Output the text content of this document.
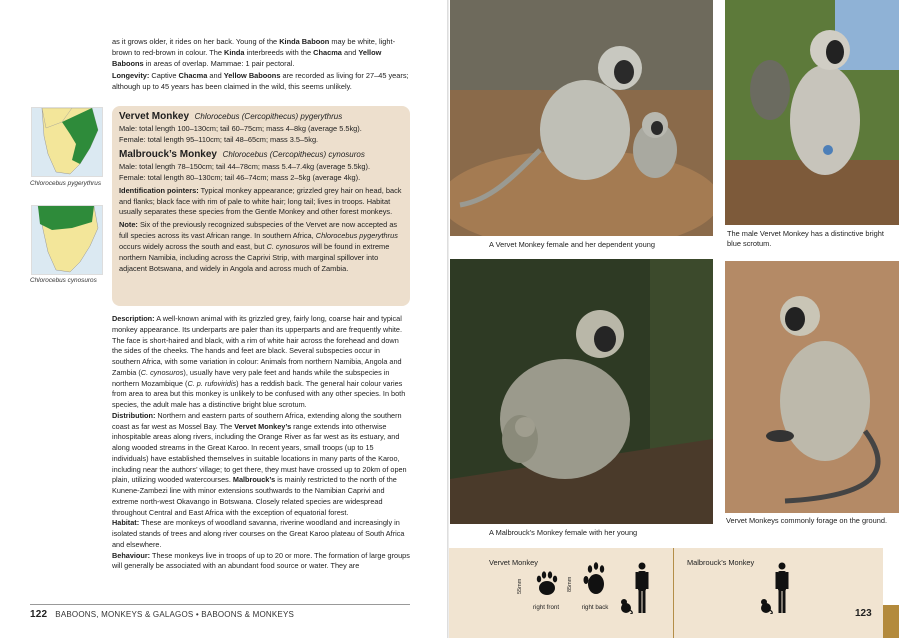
as it grows older, it rides on her back. Young of the Kinda Baboon may be white, light-brown to red-brown in colour. The Kinda interbreeds with the Chacma and Yellow Baboons in areas of overlap. Mammae: 1 pair pectoral.
Longevity: Captive Chacma and Yellow Baboons are recorded as living for 27–45 years; although up to 45 years has been claimed in the wild, this seems unlikely.
Chlorocebus pygerythrus
Chlorocebus cynosuros
Vervet Monkey Chlorocebus (Cercopithecus) pygerythrus

Male: total length 100–130cm; tail 60–75cm; mass 4–8kg (average 5.5kg).

Female: total length 95–110cm; tail 48–65cm; mass 3.5–5kg.

Malbrouck’s Monkey Chlorocebus (Cercopithecus) cynosuros

Male: total length 78–150cm; tail 44–78cm; mass 5.4–7.4kg (average 5.5kg).

Female: total length 80–130cm; tail 46–74cm; mass 2–5kg (average 4kg).

Identification pointers: Typical monkey appearance; grizzled grey hair on head, back and flanks; black face with rim of pale to white hair; long tail; lives in troops. Habitat usually separates these species from the Gentle Monkey and other forest monkeys.

Note: Six of the previously recognized subspecies of the Vervet are now accepted as full species across its vast African range. In southern Africa, Chlorocebus pygerythrus occurs widely across the south and east, but C. cynosuros will be found in extreme northern Namibia, including across the Caprivi Strip, with marginal spillover into adjacent Botswana, and widely in Angola and across much of Zambia.

Description: A well-known animal with its grizzled grey, fairly long, coarse hair and typical monkey appearance. Its underparts are paler than its upperparts and are frequently white. The face is short-haired and black, with a rim of white hair across the forehead and down the sides of the cheeks. The hands and feet are black. Several subspecies occur in southern Africa, with some variation in colour: Animals from northern Namibia, Angola and Zambia (C. cynosuros), usually have very pale feet and hands while the subspecies in northern Mozambique (C. p. rufoviridis) has a reddish back. The general hair colour varies from area to area but this monkey is unlikely to be confused with any other species. In both species, the adult male has a distinctive bright blue scrotum.
Distribution: Northern and eastern parts of southern Africa, extending along the southern coast as far west as Mossel Bay. The Vervet Monkey’s range extends into otherwise inhospitable areas along rivers, including the Orange River as far west as its estuary, and along wooded streams in the Great Karoo. In recent years, small troops (up to 15 individuals) have established themselves in suitable locations in many parts of the Karoo, including near the authors’ village; to get there, they must have crossed up to 20km of open plain, utilizing wooded watercourses. Malbrouck’s is mainly restricted to the north of the Kunene-Zambezi line with minor extensions southwards to the Namibian Caprivi and extreme north-west Okavango in Botswana. Closely related species are widespread throughout Central and East Africa with the exception of equatorial forest.
Habitat: These are monkeys of woodland savanna, riverine woodland and increasingly in isolated stands of trees and along river courses on the Great Karoo plateau of South Africa and elsewhere.
Behaviour: These monkeys live in troops of up to 20 or more. The formation of large groups will generally be associated with an abundant food source or water. They are
122 BABOONS, MONKEYS & GALAGOS • BABOONS & MONKEYS
A Vervet Monkey female and her dependent young
The male Vervet Monkey has a distinctive bright blue scrotum.
A Malbrouck’s Monkey female with her young
Vervet Monkeys commonly forage on the ground.
Vervet Monkey	Malbrouck’s Monkey
55mm	85mm
right front	right back
123
